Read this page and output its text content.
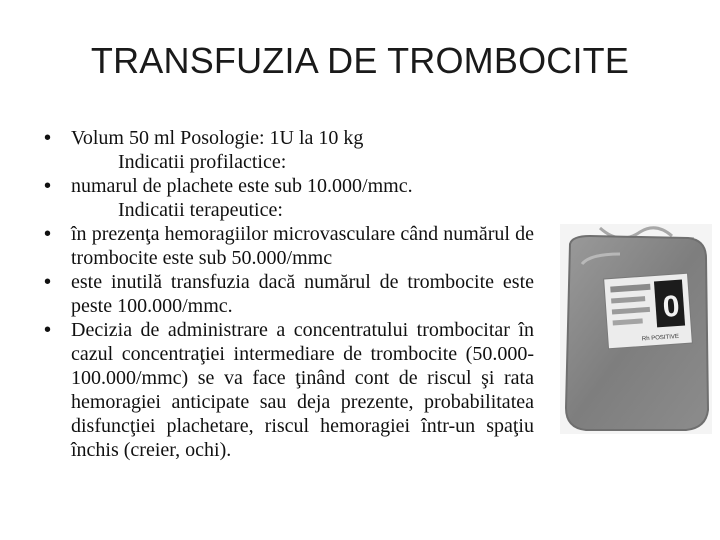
TRANSFUZIA DE TROMBOCITE
• Volum 50 ml Posologie: 1U la 10 kg
Indicatii profilactice:
• numarul de plachete este sub 10.000/mmc.
Indicatii terapeutice:
• în prezenţa hemoragiilor microvasculare când numărul de trombocite este sub 50.000/mmc
• este inutilă transfuzia dacă numărul de trombocite este peste 100.000/mmc.
• Decizia de administrare a concentratului trombocitar în cazul concentraţiei intermediare de trombocite (50.000-100.000/mmc) se va face ţinând cont de riscul şi rata hemoragiei anticipate sau deja prezente, probabilitatea disfuncţiei plachetare, riscul hemoragiei într-un spaţiu închis (creier, ochi).
0
Rh POSITIVE
